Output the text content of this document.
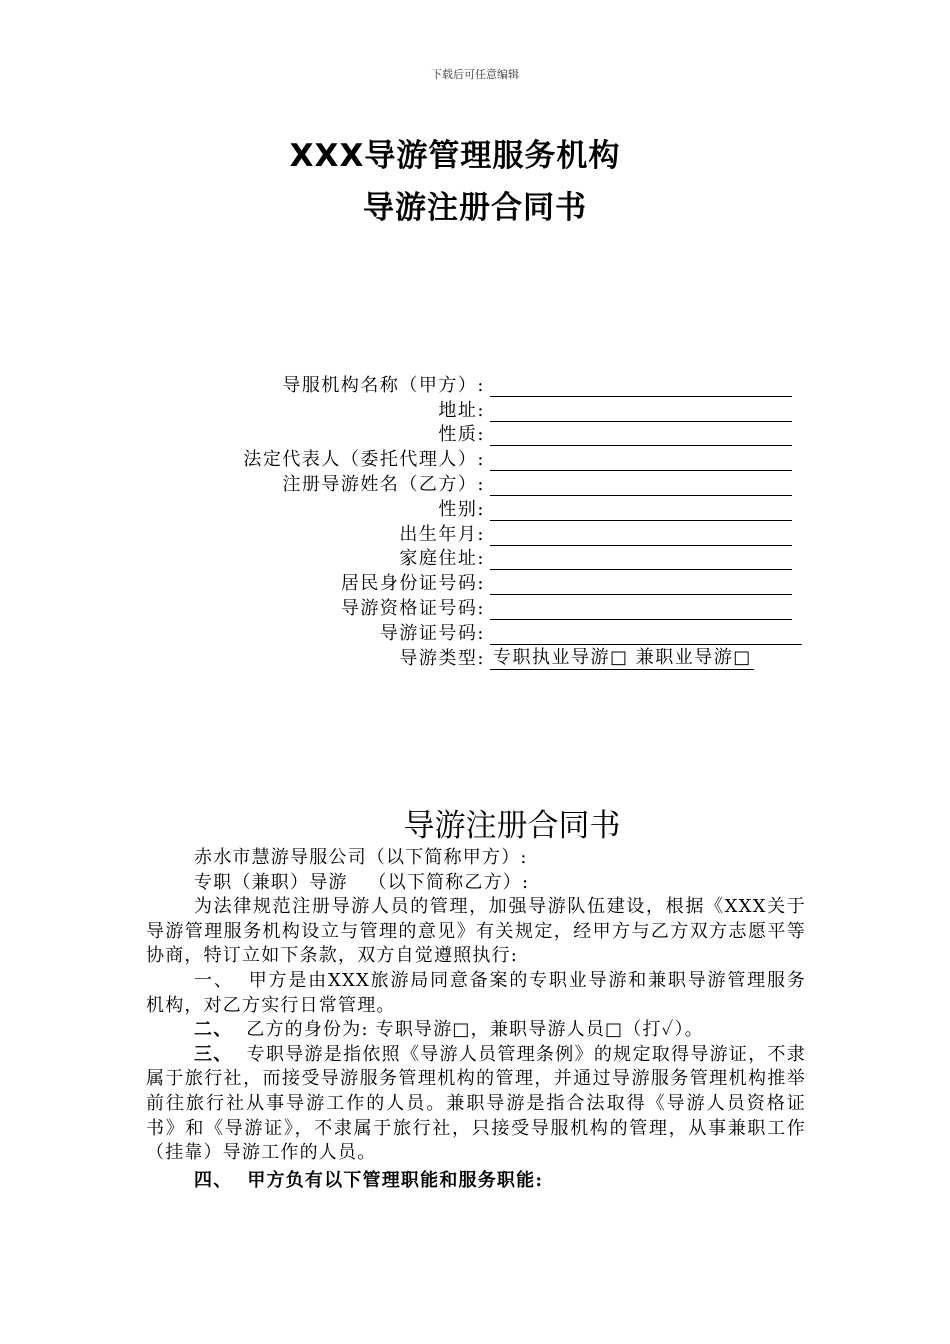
下载后可任意编辑
XXX导游管理服务机构
导游注册合同书
导服机构名称（甲方）:
地址:
性质:
法定代表人（委托代理人）:
注册导游姓名（乙方）:
性别:
出生年月:
家庭住址:
居民身份证号码:
导游资格证号码:
导游证号码:
导游类型: 专职执业导游□ 兼职业导游□
导游注册合同书

赤水市慧游导服公司（以下简称甲方）:

专职（兼职）导游   （以下简称乙方）:

为法律规范注册导游人员的管理，加强导游队伍建设，根据《XXX关于导游管理服务机构设立与管理的意见》有关规定，经甲方与乙方双方志愿平等协商，特订立如下条款，双方自觉遵照执行:

一、  甲方是由XXX旅游局同意备案的专职业导游和兼职导游管理服务机构，对乙方实行日常管理。

二、  乙方的身份为: 专职导游□，兼职导游人员□（打✓）。

三、  专职导游是指依照《导游人员管理条例》的规定取得导游证，不隶属于旅行社，而接受导游服务管理机构的管理，并通过导游服务管理机构推举前往旅行社从事导游工作的人员。兼职导游是指合法取得《导游人员资格证书》和《导游证》，不隶属于旅行社，只接受导服机构的管理，从事兼职工作（挂靠）导游工作的人员。

四、  甲方负有以下管理职能和服务职能:
